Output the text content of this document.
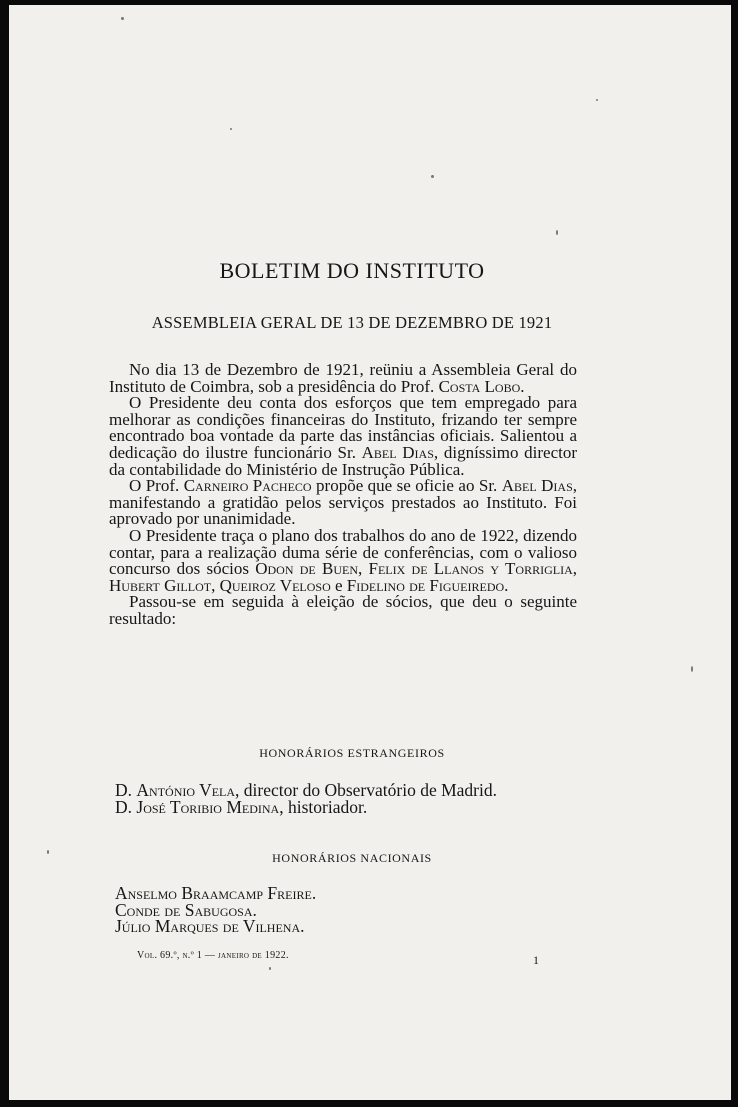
BOLETIM DO INSTITUTO
ASSEMBLEIA GERAL DE 13 DE DEZEMBRO DE 1921

No dia 13 de Dezembro de 1921, reüniu a Assembleia Geral do Instituto de Coimbra, sob a presidência do Prof. Costa Lobo.

O Presidente deu conta dos esforços que tem empregado para melhorar as condições financeiras do Instituto, frizando ter sempre encontrado boa vontade da parte das instâncias oficiais. Salientou a dedicação do ilustre funcionário Sr. Abel Dias, digníssimo director da contabilidade do Ministério de Instrução Pública.

O Prof. Carneiro Pacheco propõe que se oficie ao Sr. Abel Dias, manifestando a gratidão pelos serviços prestados ao Instituto. Foi aprovado por unanimidade.

O Presidente traça o plano dos trabalhos do ano de 1922, dizendo contar, para a realização duma série de conferências, com o valioso concurso dos sócios Odon de Buen, Felix de Llanos y Torriglia, Hubert Gillot, Queiroz Veloso e Fidelino de Figueiredo.

Passou-se em seguida à eleição de sócios, que deu o seguinte resultado:

HONORÁRIOS ESTRANGEIROS
D. António Vela, director do Observatório de Madrid.
D. José Toribio Medina, historiador.
HONORÁRIOS NACIONAIS
Anselmo Braamcamp Freire.
Conde de Sabugosa.
Júlio Marques de Vilhena.
Vol. 69.º, n.º 1 — janeiro de 1922.	1
